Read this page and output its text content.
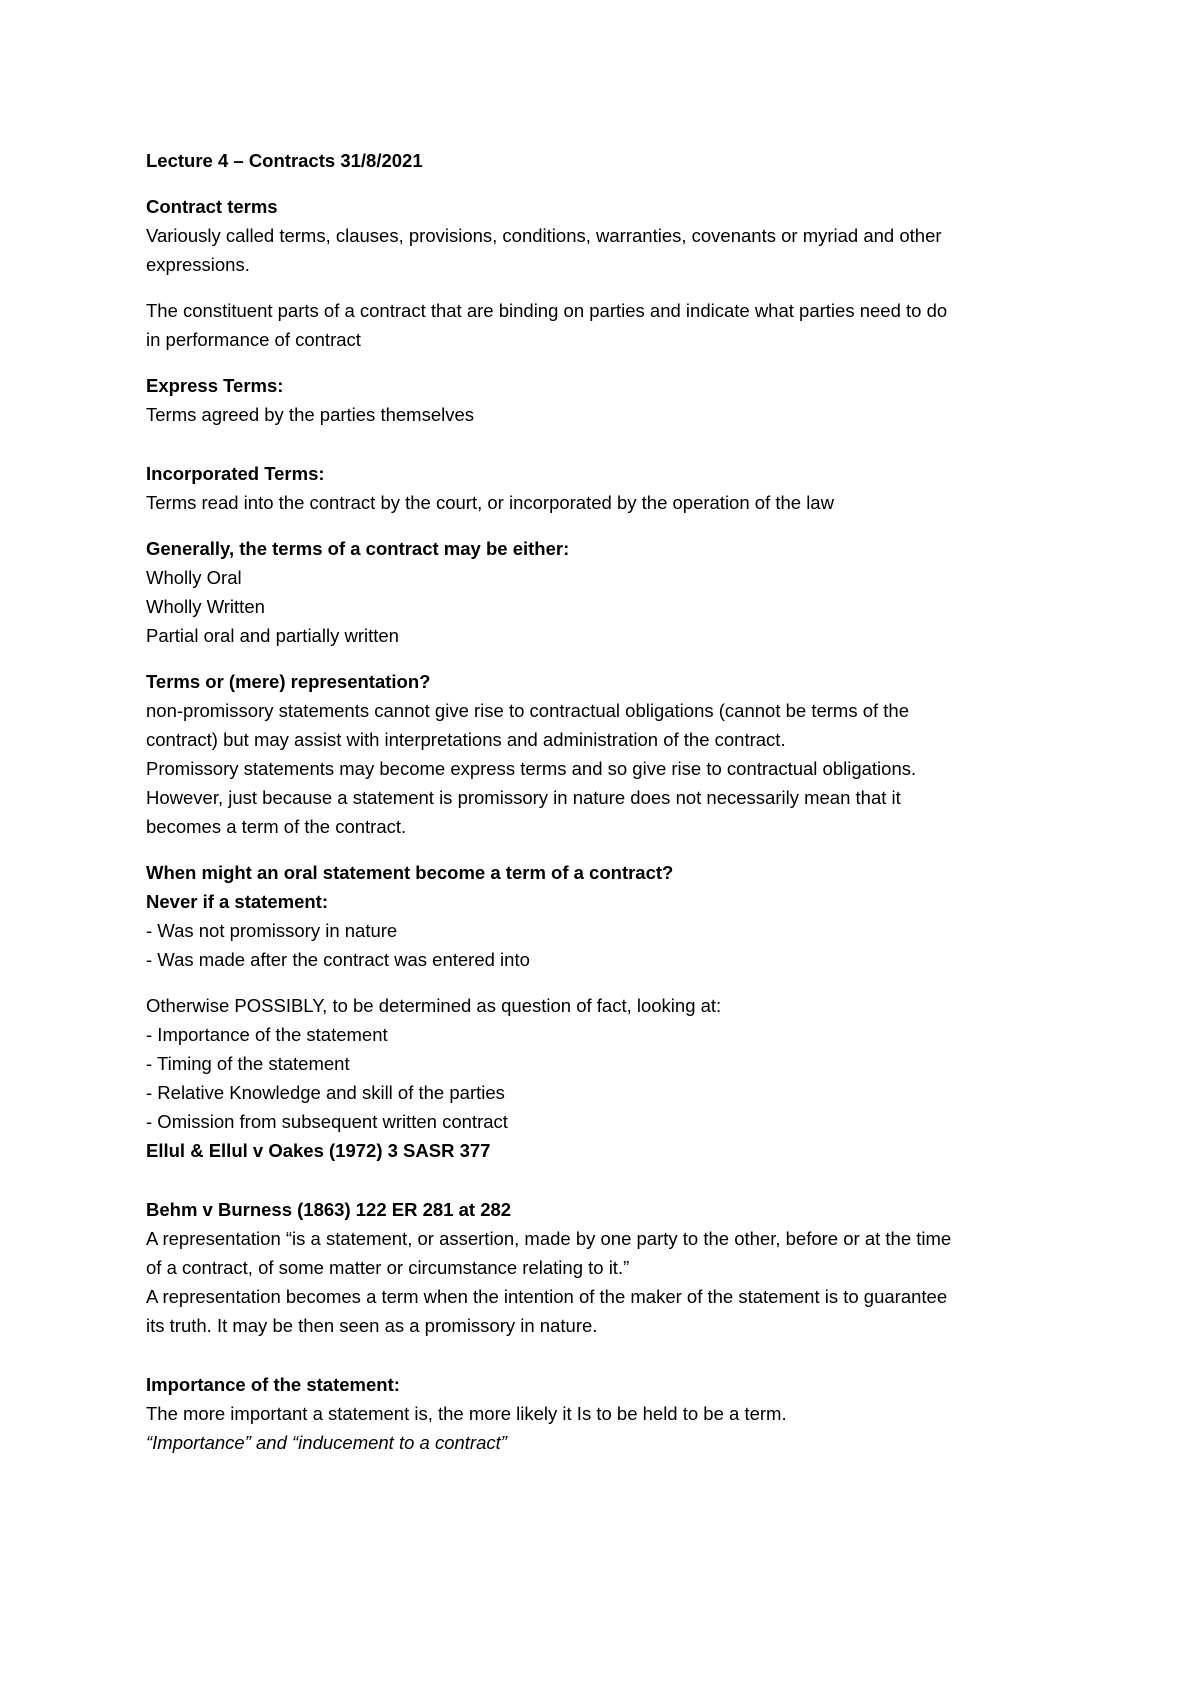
Lecture 4 – Contracts 31/8/2021
Contract terms
Variously called terms, clauses, provisions, conditions, warranties, covenants or myriad and other
expressions.
The constituent parts of a contract that are binding on parties and indicate what parties need to do
in performance of contract
Express Terms:
Terms agreed by the parties themselves
Incorporated Terms:
Terms read into the contract by the court, or incorporated by the operation of the law
Generally, the terms of a contract may be either:
Wholly Oral
Wholly Written
Partial oral and partially written
Terms or (mere) representation?
non-promissory statements cannot give rise to contractual obligations (cannot be terms of the
contract) but may assist with interpretations and administration of the contract.
Promissory statements may become express terms and so give rise to contractual obligations.
However, just because a statement is promissory in nature does not necessarily mean that it
becomes a term of the contract.
When might an oral statement become a term of a contract?
Never if a statement:
- Was not promissory in nature
- Was made after the contract was entered into
Otherwise POSSIBLY, to be determined as question of fact, looking at:
- Importance of the statement
- Timing of the statement
- Relative Knowledge and skill of the parties
- Omission from subsequent written contract
Ellul & Ellul v Oakes (1972) 3 SASR 377
Behm v Burness (1863) 122 ER 281 at 282
A representation “is a statement, or assertion, made by one party to the other, before or at the time
of a contract, of some matter or circumstance relating to it.”
A representation becomes a term when the intention of the maker of the statement is to guarantee
its truth. It may be then seen as a promissory in nature.
Importance of the statement:
The more important a statement is, the more likely it Is to be held to be a term.
“Importance” and “inducement to a contract”
